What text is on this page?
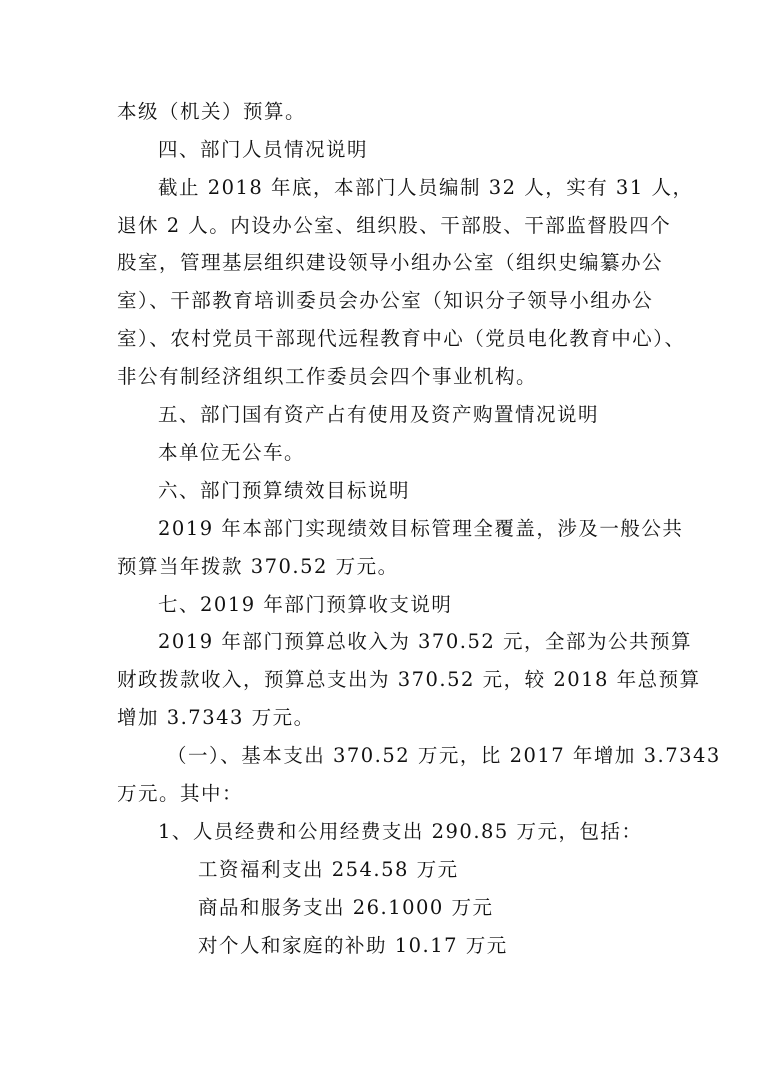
本级（机关）预算。
四、部门人员情况说明
截止 2018 年底，本部门人员编制 32 人，实有 31 人，
退休 2 人。内设办公室、组织股、干部股、干部监督股四个
股室，管理基层组织建设领导小组办公室（组织史编纂办公
室）、干部教育培训委员会办公室（知识分子领导小组办公
室）、农村党员干部现代远程教育中心（党员电化教育中心）、
非公有制经济组织工作委员会四个事业机构。
五、部门国有资产占有使用及资产购置情况说明
本单位无公车。
六、部门预算绩效目标说明
2019 年本部门实现绩效目标管理全覆盖，涉及一般公共
预算当年拨款 370.52 万元。
七、2019 年部门预算收支说明
2019 年部门预算总收入为 370.52 元，全部为公共预算
财政拨款收入，预算总支出为 370.52 元，较 2018 年总预算
增加 3.7343 万元。
（一）、基本支出 370.52 万元，比 2017 年增加 3.7343
万元。其中：
1、人员经费和公用经费支出 290.85 万元，包括：
工资福利支出 254.58 万元
商品和服务支出 26.1000 万元
对个人和家庭的补助 10.17 万元
